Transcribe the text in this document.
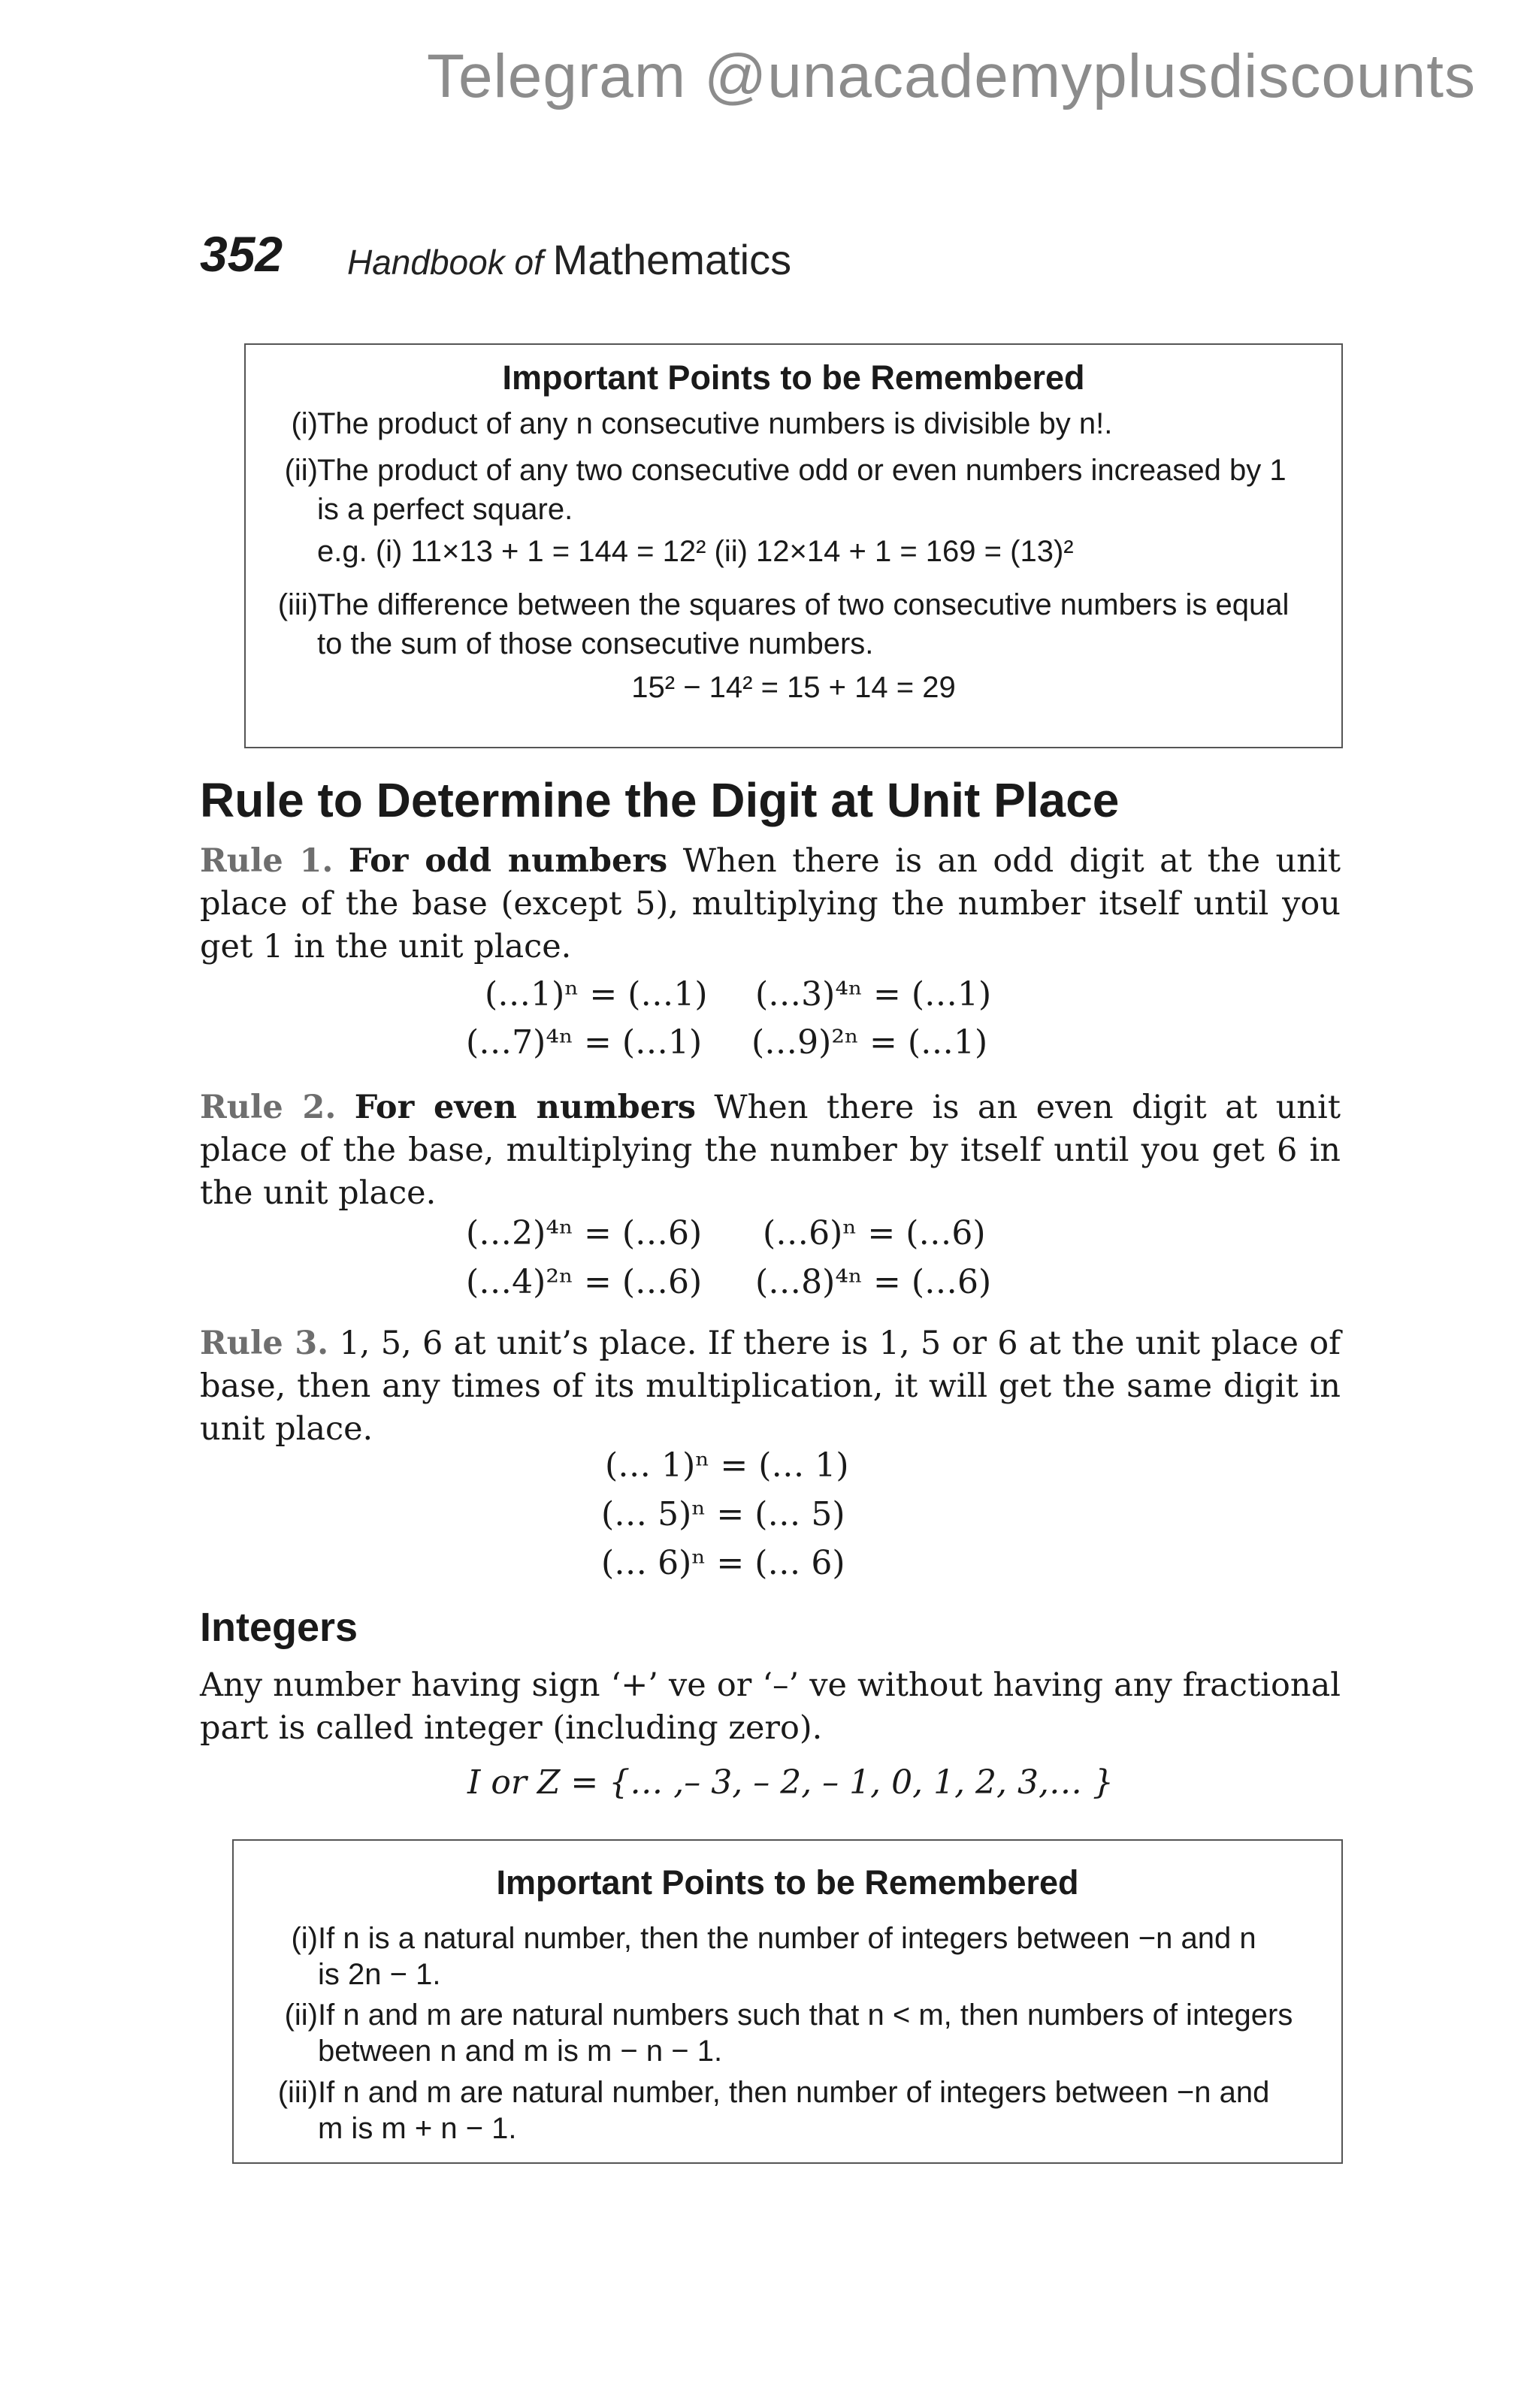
Telegram @unacademyplusdiscounts
352 Handbook of Mathematics
Important Points to be Remembered
(i) The product of any n consecutive numbers is divisible by n!.
(ii) The product of any two consecutive odd or even numbers increased by 1
is a perfect square.
e.g. (i) 11×13 + 1 = 144 = 12² (ii) 12×14 + 1 = 169 = (13)²
(iii) The difference between the squares of two consecutive numbers is equal
to the sum of those consecutive numbers.
15² − 14² = 15 + 14 = 29
Rule to Determine the Digit at Unit Place
Rule 1. For odd numbers When there is an odd digit at the unit place of the base (except 5), multiplying the number itself until you get 1 in the unit place.
(…1)ⁿ = (…1) (…3)⁴ⁿ = (…1)
(…7)⁴ⁿ = (…1) (…9)²ⁿ = (…1)
Rule 2. For even numbers When there is an even digit at unit place of the base, multiplying the number by itself until you get 6 in the unit place.
(…2)⁴ⁿ = (…6) (…6)ⁿ = (…6)
(…4)²ⁿ = (…6) (…8)⁴ⁿ = (…6)
Rule 3. 1, 5, 6 at unit’s place. If there is 1, 5 or 6 at the unit place of base, then any times of its multiplication, it will get the same digit in unit place.
(… 1)ⁿ = (… 1)
(… 5)ⁿ = (… 5)
(… 6)ⁿ = (… 6)
Integers
Any number having sign ‘+’ ve or ‘–’ ve without having any fractional part is called integer (including zero).
I or Z = {… ,– 3, – 2, – 1, 0, 1, 2, 3,… }
Important Points to be Remembered
(i) If n is a natural number, then the number of integers between −n and n
is 2n − 1.
(ii) If n and m are natural numbers such that n < m, then numbers of integers
between n and m is m − n − 1.
(iii) If n and m are natural number, then number of integers between −n and
m is m + n − 1.
